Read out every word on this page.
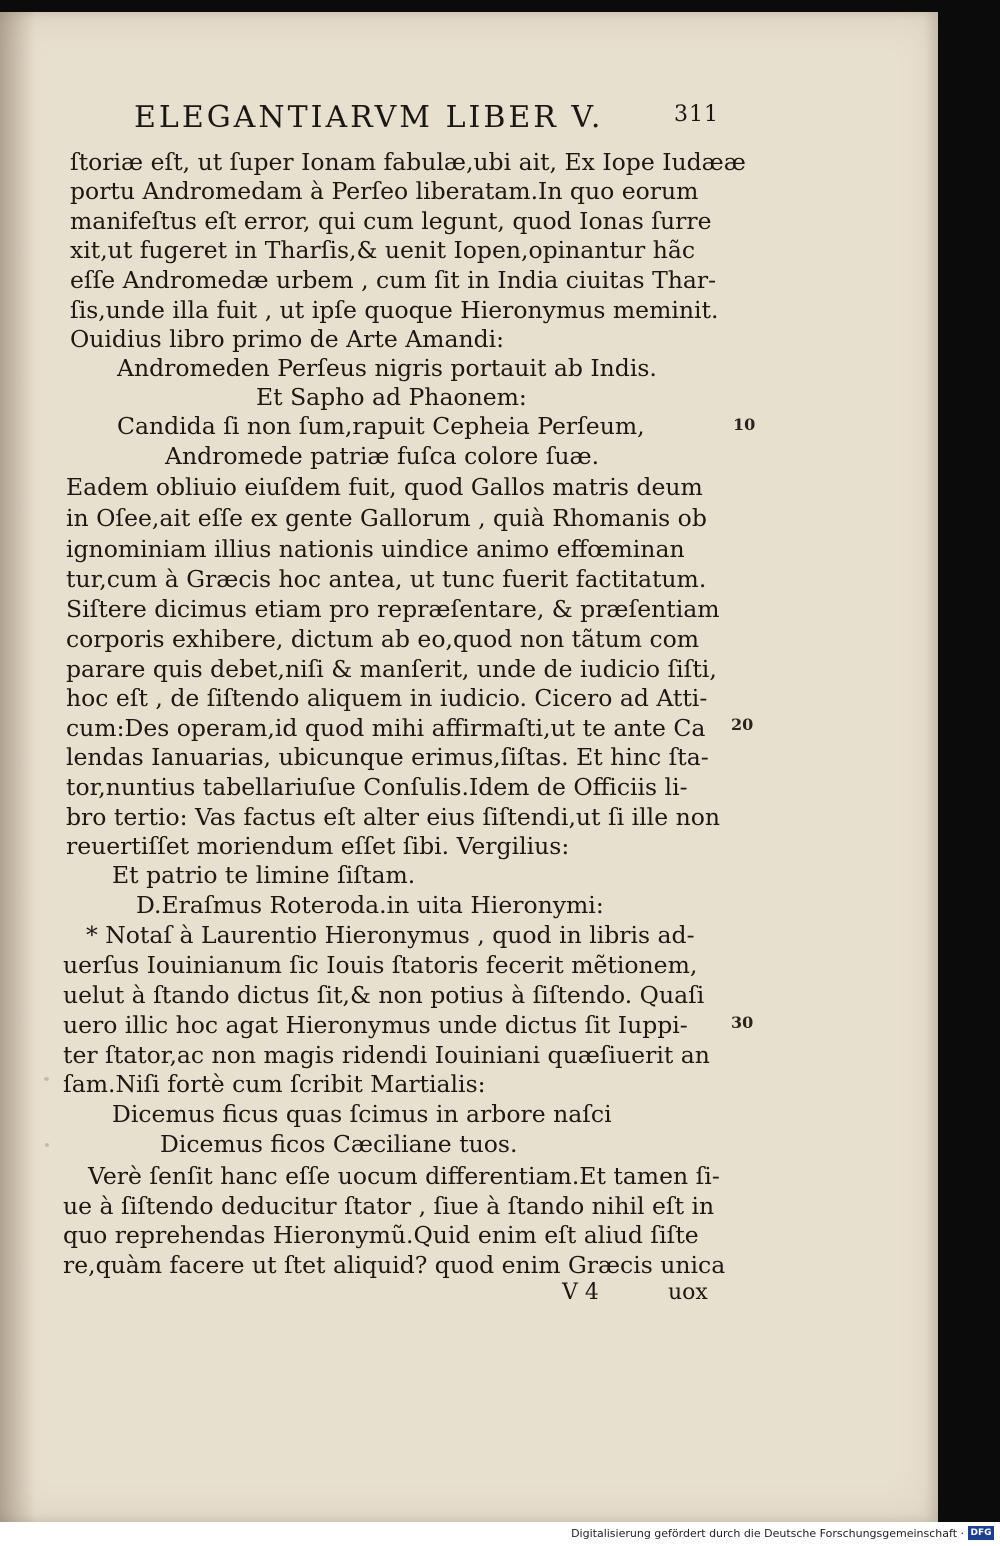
ELEGANTIARVM LIBER V.	311
ſtoriæ eſt, ut ſuper Ionam fabulæ,ubi ait, Ex Iope Iudææ
portu Andromedam à Perſeo liberatam.In quo eorum
manifeſtus eſt error, qui cum legunt, quod Ionas ſurre
xit,ut fugeret in Tharſis,& uenit Iopen,opinantur hãc
eſſe Andromedæ urbem , cum ſit in India ciuitas Thar-
ſis,unde illa fuit , ut ipſe quoque Hieronymus meminit.
Ouidius libro primo de Arte Amandi:
Andromeden Perſeus nigris portauit ab Indis.
Et Sapho ad Phaonem:
Candida ſi non ſum,rapuit Cepheia Perſeum,
Andromede patriæ fuſca colore ſuæ.
Eadem obliuio eiuſdem fuit, quod Gallos matris deum
in Oſee,ait eſſe ex gente Gallorum , quià Rhomanis ob
ignominiam illius nationis uindice animo effœminan
tur,cum à Græcis hoc antea, ut tunc fuerit factitatum.
Siſtere dicimus etiam pro repræſentare, & præſentiam
corporis exhibere, dictum ab eo,quod non tãtum com
parare quis debet,niſi & manſerit, unde de iudicio ſiſti,
hoc eſt , de ſiſtendo aliquem in iudicio. Cicero ad Atti-
cum:Des operam,id quod mihi affirmaſti,ut te ante Ca
lendas Ianuarias, ubicunque erimus,ſiſtas. Et hinc ſta-
tor,nuntius tabellariuſue Conſulis.Idem de Officiis li-
bro tertio: Vas factus eſt alter eius ſiſtendi,ut ſi ille non
reuertiſſet moriendum eſſet ſibi. Vergilius:
Et patrio te limine ſiſtam.
D.Eraſmus Roteroda.in uita Hieronymi:
* Notaſ à Laurentio Hieronymus , quod in libris ad-
uerſus Iouinianum ſic Iouis ſtatoris fecerit mẽtionem,
uelut à ſtando dictus ſit,& non potius à ſiſtendo. Quaſi
uero illic hoc agat Hieronymus unde dictus ſit Iuppi-
ter ſtator,ac non magis ridendi Iouiniani quæſiuerit an
ſam.Niſi fortè cum ſcribit Martialis:
Dicemus ficus quas ſcimus in arbore naſci
Dicemus ficos Cæciliane tuos.
Verè ſenſit hanc eſſe uocum differentiam.Et tamen ſi-
ue à ſiſtendo deducitur ſtator , ſiue à ſtando nihil eſt in
quo reprehendas Hieronymũ.Quid enim eſt aliud ſiſte
re,quàm facere ut ſtet aliquid? quod enim Græcis unica
10
20
30
V 4	uox
Digitalisierung gefördert durch die Deutsche Forschungsgemeinschaft · DFG
